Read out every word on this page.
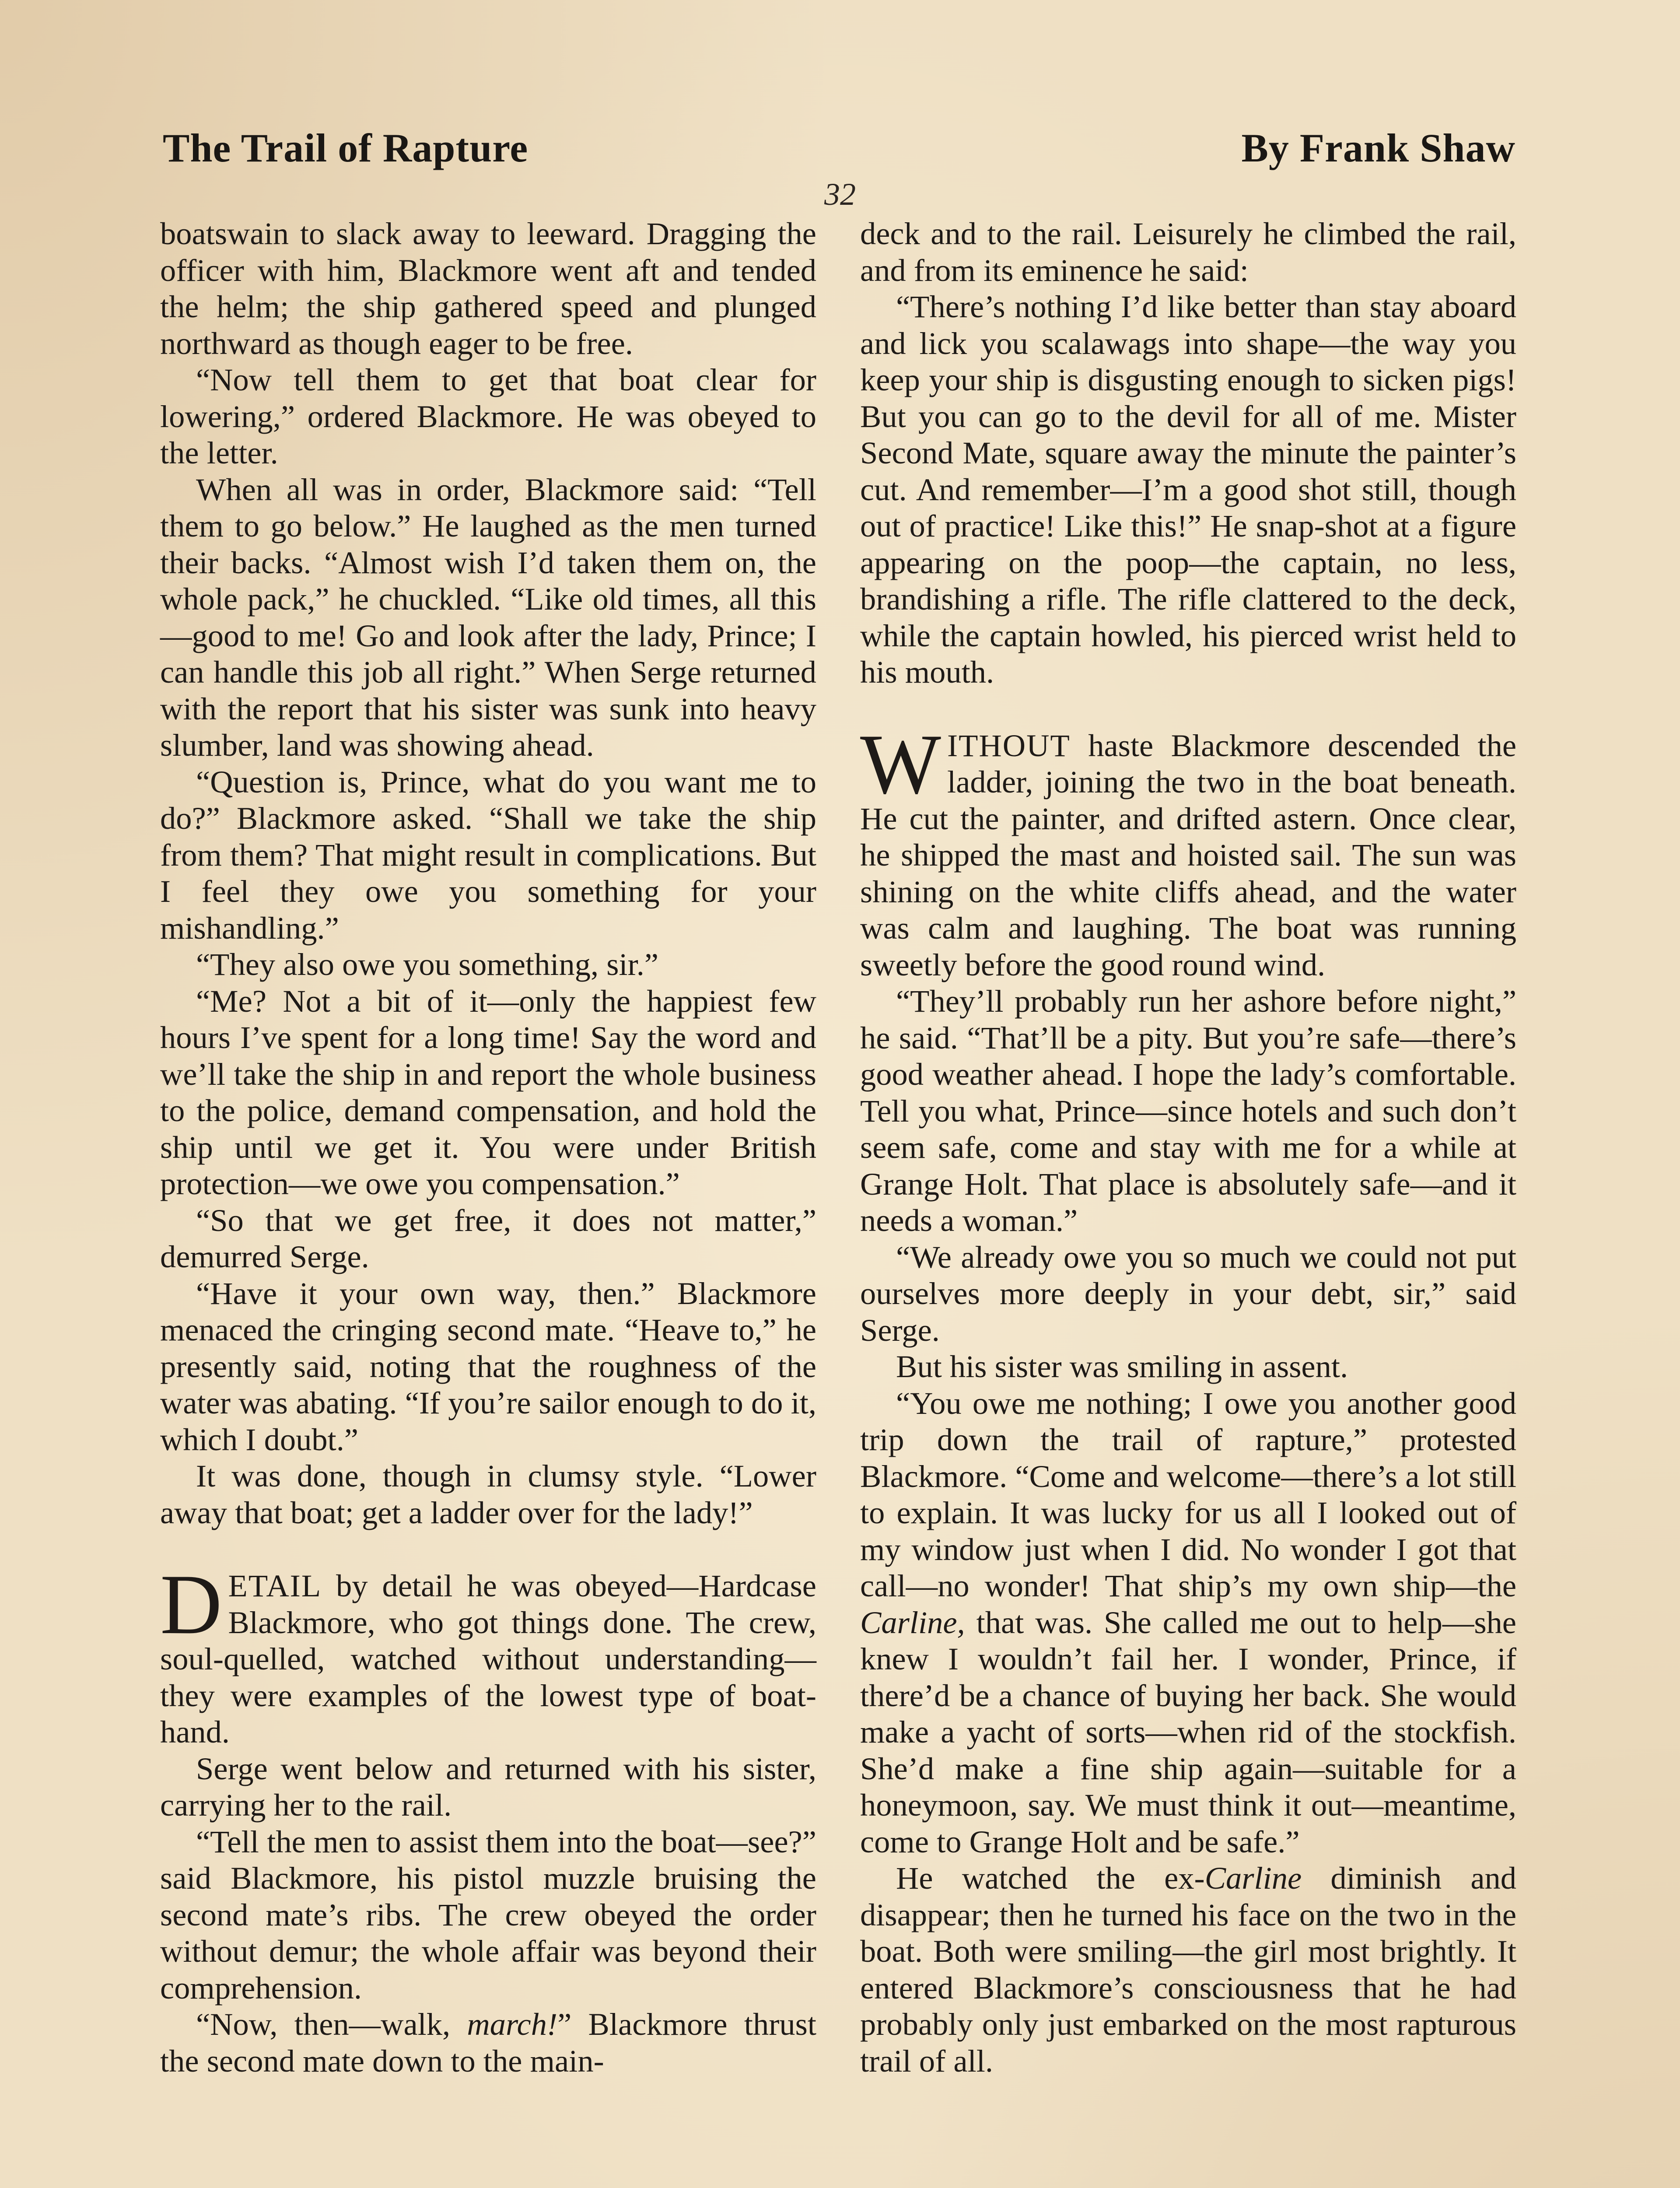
The Trail of Rapture	By Frank Shaw
32

boatswain to slack away to leeward. Dragging the officer with him, Blackmore went aft and tended the helm; the ship gathered speed and plunged northward as though eager to be free.

“Now tell them to get that boat clear for lowering,” ordered Blackmore. He was obeyed to the letter.

When all was in order, Blackmore said: “Tell them to go below.” He laughed as the men turned their backs. “Almost wish I’d taken them on, the whole pack,” he chuckled. “Like old times, all this—good to me! Go and look after the lady, Prince; I can handle this job all right.” When Serge returned with the report that his sister was sunk into heavy slumber, land was showing ahead.

“Question is, Prince, what do you want me to do?” Blackmore asked. “Shall we take the ship from them? That might result in complications. But I feel they owe you something for your mishandling.”

“They also owe you something, sir.”

“Me? Not a bit of it—only the happiest few hours I’ve spent for a long time! Say the word and we’ll take the ship in and report the whole business to the police, demand compensation, and hold the ship until we get it. You were under British protection—we owe you compensation.”

“So that we get free, it does not matter,” demurred Serge.

“Have it your own way, then.” Blackmore menaced the cringing second mate. “Heave to,” he presently said, noting that the roughness of the water was abating. “If you’re sailor enough to do it, which I doubt.”

It was done, though in clumsy style. “Lower away that boat; get a ladder over for the lady!”

DETAIL by detail he was obeyed—Hardcase Blackmore, who got things done. The crew, soul-quelled, watched without understanding—they were examples of the lowest type of boat-hand.

Serge went below and returned with his sister, carrying her to the rail.

“Tell the men to assist them into the boat—see?” said Blackmore, his pistol muzzle bruising the second mate’s ribs. The crew obeyed the order without demur; the whole affair was beyond their comprehension.

“Now, then—walk, march!” Blackmore thrust the second mate down to the main-

deck and to the rail. Leisurely he climbed the rail, and from its eminence he said:

“There’s nothing I’d like better than stay aboard and lick you scalawags into shape—the way you keep your ship is disgusting enough to sicken pigs! But you can go to the devil for all of me. Mister Second Mate, square away the minute the painter’s cut. And remember—I’m a good shot still, though out of practice! Like this!” He snap-shot at a figure appearing on the poop—the captain, no less, brandishing a rifle. The rifle clattered to the deck, while the captain howled, his pierced wrist held to his mouth.

WITHOUT haste Blackmore descended the ladder, joining the two in the boat beneath. He cut the painter, and drifted astern. Once clear, he shipped the mast and hoisted sail. The sun was shining on the white cliffs ahead, and the water was calm and laughing. The boat was running sweetly before the good round wind.

“They’ll probably run her ashore before night,” he said. “That’ll be a pity. But you’re safe—there’s good weather ahead. I hope the lady’s comfortable. Tell you what, Prince—since hotels and such don’t seem safe, come and stay with me for a while at Grange Holt. That place is absolutely safe—and it needs a woman.”

“We already owe you so much we could not put ourselves more deeply in your debt, sir,” said Serge.

But his sister was smiling in assent.

“You owe me nothing; I owe you another good trip down the trail of rapture,” protested Blackmore. “Come and welcome—there’s a lot still to explain. It was lucky for us all I looked out of my window just when I did. No wonder I got that call—no wonder! That ship’s my own ship—the Carline, that was. She called me out to help—she knew I wouldn’t fail her. I wonder, Prince, if there’d be a chance of buying her back. She would make a yacht of sorts—when rid of the stockfish. She’d make a fine ship again—suitable for a honeymoon, say. We must think it out—meantime, come to Grange Holt and be safe.”

He watched the ex-Carline diminish and disappear; then he turned his face on the two in the boat. Both were smiling—the girl most brightly. It entered Blackmore’s consciousness that he had probably only just embarked on the most rapturous trail of all.
